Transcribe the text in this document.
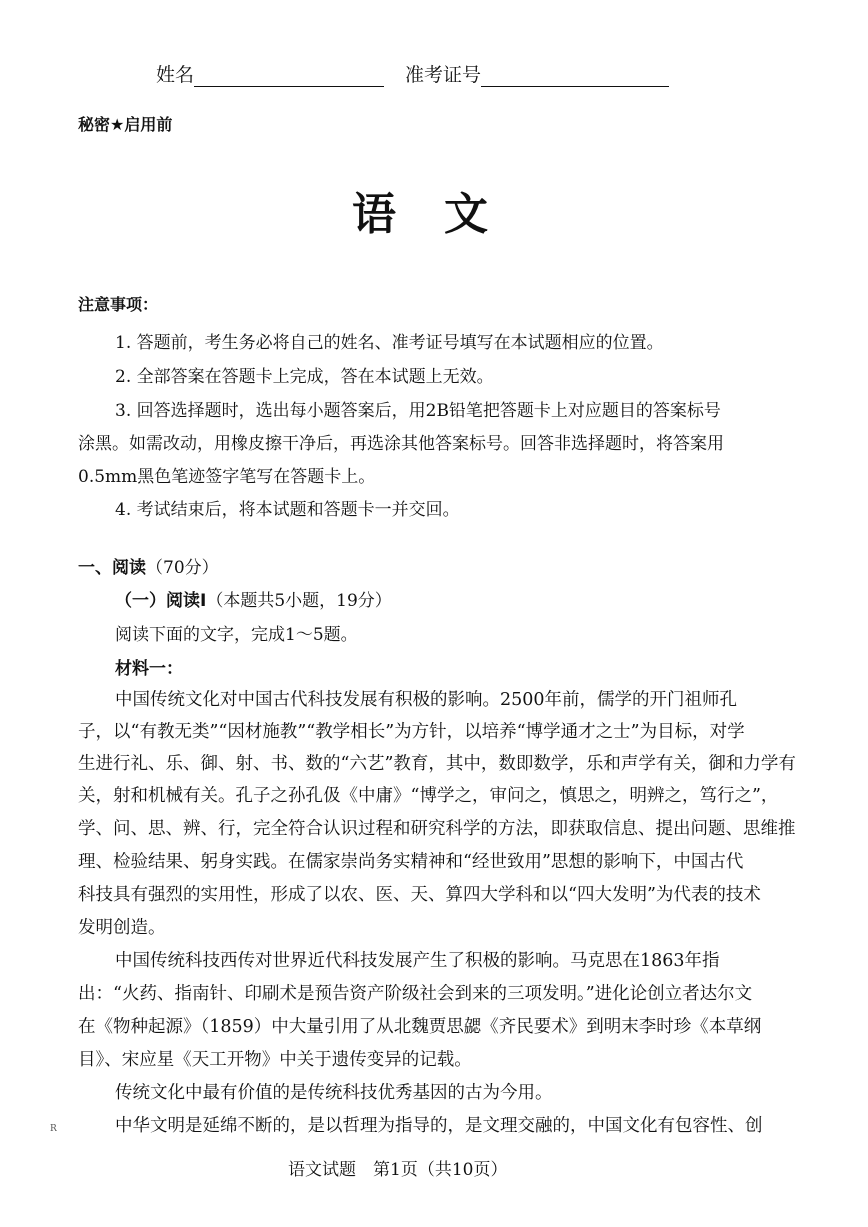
姓名	准考证号
秘密★启用前
语　文
注意事项：
1. 答题前，考生务必将自己的姓名、准考证号填写在本试题相应的位置。
2. 全部答案在答题卡上完成，答在本试题上无效。
3. 回答选择题时，选出每小题答案后，用2B铅笔把答题卡上对应题目的答案标号
涂黑。如需改动，用橡皮擦干净后，再选涂其他答案标号。回答非选择题时，将答案用
0.5mm黑色笔迹签字笔写在答题卡上。
4. 考试结束后，将本试题和答题卡一并交回。
一、阅读（70分）
（一）阅读Ⅰ（本题共5小题，19分）
阅读下面的文字，完成1～5题。
材料一：
中国传统文化对中国古代科技发展有积极的影响。2500年前，儒学的开门祖师孔
子，以“有教无类”“因材施教”“教学相长”为方针，以培养“博学通才之士”为目标，对学
生进行礼、乐、御、射、书、数的“六艺”教育，其中，数即数学，乐和声学有关，御和力学有
关，射和机械有关。孔子之孙孔伋《中庸》“博学之，审问之，慎思之，明辨之，笃行之”，
学、问、思、辨、行，完全符合认识过程和研究科学的方法，即获取信息、提出问题、思维推
理、检验结果、躬身实践。在儒家崇尚务实精神和“经世致用”思想的影响下，中国古代
科技具有强烈的实用性，形成了以农、医、天、算四大学科和以“四大发明”为代表的技术
发明创造。
中国传统科技西传对世界近代科技发展产生了积极的影响。马克思在1863年指
出：“火药、指南针、印刷术是预告资产阶级社会到来的三项发明。”进化论创立者达尔文
在《物种起源》（1859）中大量引用了从北魏贾思勰《齐民要术》到明末李时珍《本草纲
目》、宋应星《天工开物》中关于遗传变异的记载。
传统文化中最有价值的是传统科技优秀基因的古为今用。
中华文明是延绵不断的，是以哲理为指导的，是文理交融的，中国文化有包容性、创
R
语文试题　第1页（共10页）
